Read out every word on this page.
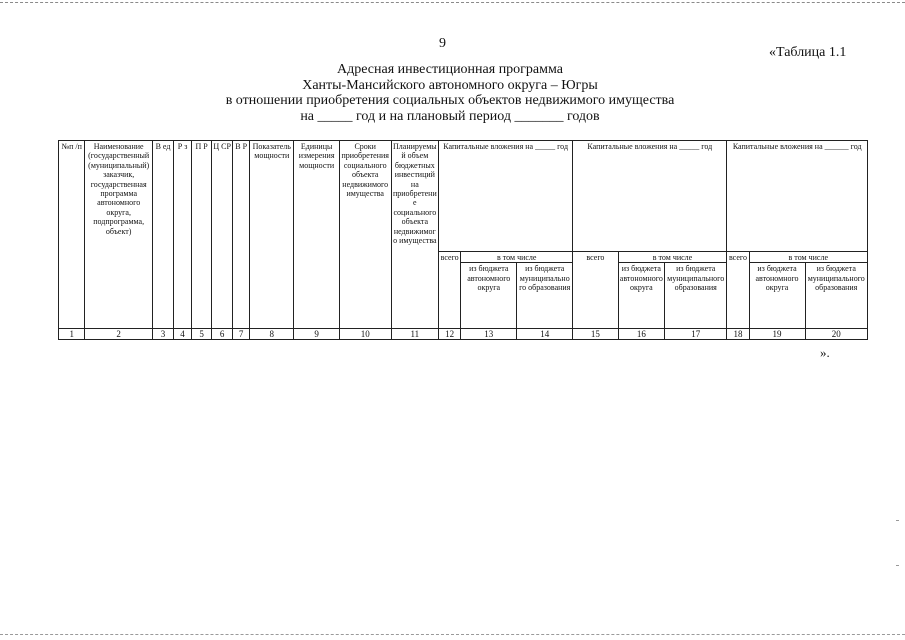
9
«Таблица 1.1
Адресная инвестиционная программа
Ханты-Мансийского автономного округа – Югры
в отношении приобретения социальных объектов недвижимого имущества
на _____ год и на плановый период _______ годов
№п /п	Наименование (государственный (муниципальный) заказчик, государственная программа автономного округа, подпрограмма, объект)	В ед	Р з	П Р	Ц СР	В Р	Показатель мощности	Единицы измерения мощности	Сроки приобретения социального объекта недвижимого имущества	Планируемый объем бюджетных инвестиций на приобретение социального объекта недвижимого имущества	Капитальные вложения на _____ год			Капитальные вложения на _____ год			Капитальные вложения на ______ год		
											всего	в том числе		всего	в том числе		всего	в том числе	
												из бюджета автономного округа	из бюджета муниципального образования		из бюджета автономного округа	из бюджета муниципального образования		из бюджета автономного округа	из бюджета муниципального образования
1	2	3	4	5	6	7	8	9	10	11	12	13	14	15	16	17	18	19	20
».
